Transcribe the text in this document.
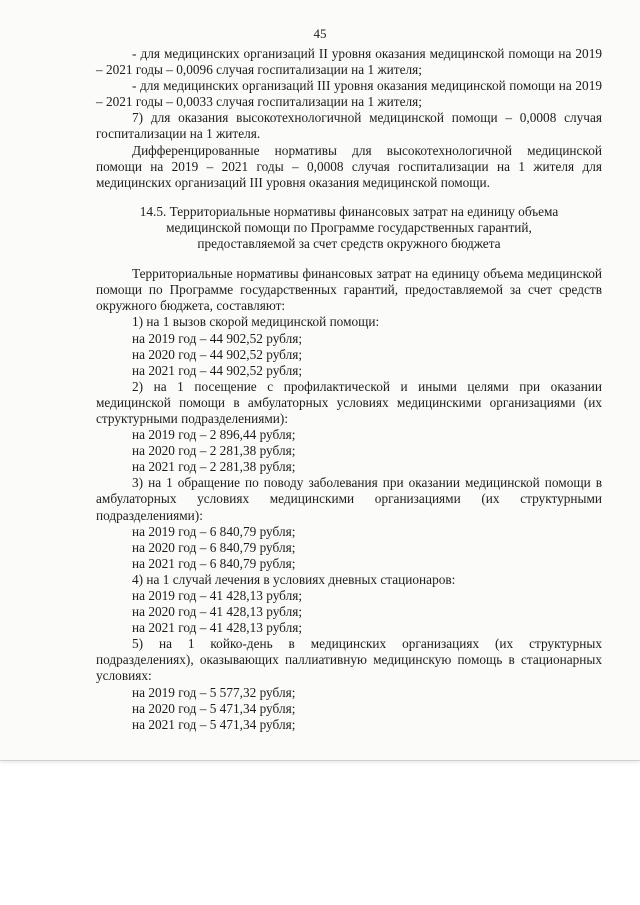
45

- для медицинских организаций II уровня оказания медицинской помощи на 2019 – 2021 годы – 0,0096 случая госпитализации на 1 жителя;

- для медицинских организаций III уровня оказания медицинской помощи на 2019 – 2021 годы – 0,0033 случая госпитализации на 1 жителя;

7) для оказания высокотехнологичной медицинской помощи – 0,0008 случая госпитализации на 1 жителя.

Дифференцированные нормативы для высокотехнологичной медицинской помощи на 2019 – 2021 годы – 0,0008 случая госпитализации на 1 жителя для медицинских организаций III уровня оказания медицинской помощи.

14.5. Территориальные нормативы финансовых затрат на единицу объема медицинской помощи по Программе государственных гарантий, предоставляемой за счет средств окружного бюджета

Территориальные нормативы финансовых затрат на единицу объема медицинской помощи по Программе государственных гарантий, предоставляемой за счет средств окружного бюджета, составляют:

1) на 1 вызов скорой медицинской помощи:

на 2019 год – 44 902,52 рубля;

на 2020 год – 44 902,52 рубля;

на 2021 год – 44 902,52 рубля;

2) на 1 посещение с профилактической и иными целями при оказании медицинской помощи в амбулаторных условиях медицинскими организациями (их структурными подразделениями):

на 2019 год – 2 896,44 рубля;

на 2020 год – 2 281,38 рубля;

на 2021 год – 2 281,38 рубля;

3) на 1 обращение по поводу заболевания при оказании медицинской помощи в амбулаторных условиях медицинскими организациями (их структурными подразделениями):

на 2019 год – 6 840,79 рубля;

на 2020 год – 6 840,79 рубля;

на 2021 год – 6 840,79 рубля;

4) на 1 случай лечения в условиях дневных стационаров:

на 2019 год – 41 428,13 рубля;

на 2020 год – 41 428,13 рубля;

на 2021 год – 41 428,13 рубля;

5) на 1 койко-день в медицинских организациях (их структурных подразделениях), оказывающих паллиативную медицинскую помощь в стационарных условиях:

на 2019 год – 5 577,32 рубля;

на 2020 год – 5 471,34 рубля;

на 2021 год – 5 471,34 рубля;
